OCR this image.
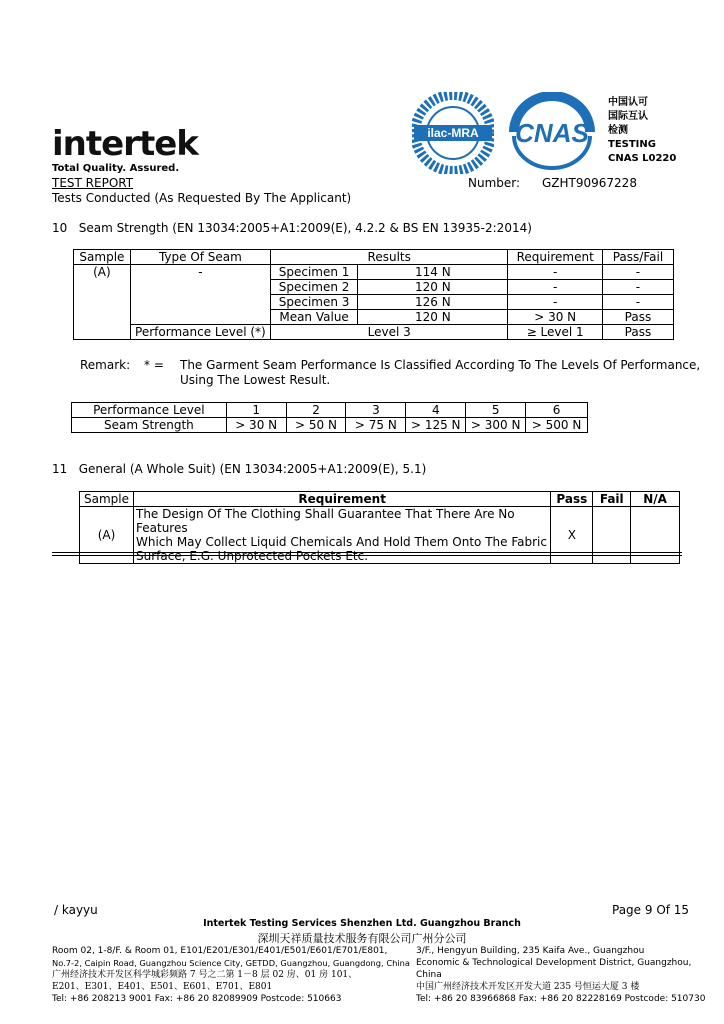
intertek
Total Quality. Assured.
ilac-MRA CNAS
中国认可
国际互认
检测
TESTING
CNAS L0220
TEST REPORT	Number: GZHT90967228
Tests Conducted (As Requested By The Applicant)
10   Seam Strength (EN 13034:2005+A1:2009(E), 4.2.2 & BS EN 13935-2:2014)
Sample	Type Of Seam	Results		Requirement	Pass/Fail
(A)	-	Specimen 1	114 N	-	-
		Specimen 2	120 N	-	-
		Specimen 3	126 N	-	-
		Mean Value	120 N	> 30 N	Pass
	Performance Level (*)	Level 3		≥ Level 1	Pass
Remark: * = The Garment Seam Performance Is Classified According To The Levels Of Performance,
Using The Lowest Result.
Performance Level	1	2	3	4	5	6
Seam Strength	> 30 N	> 50 N	> 75 N	> 125 N	> 300 N	> 500 N
11   General (A Whole Suit) (EN 13034:2005+A1:2009(E), 5.1)
Sample	Requirement	Pass	Fail	N/A
(A)	The Design Of The Clothing Shall Guarantee That There Are No Features
Which May Collect Liquid Chemicals And Hold Them Onto The Fabric
Surface, E.G. Unprotected Pockets Etc.	X		
/ kayyu	Page 9 Of 15
Intertek Testing Services Shenzhen Ltd. Guangzhou Branch
深圳天祥质量技术服务有限公司广州分公司
Room 02, 1-8/F. & Room 01, E101/E201/E301/E401/E501/E601/E701/E801,
No.7-2, Caipin Road, Guangzhou Science City, GETDD, Guangzhou, Guangdong, China
广州经济技术开发区科学城彩频路 7 号之二第 1－8 层 02 房、01 房 101、
E201、E301、E401、E501、E601、E701、E801
Tel: +86 208213 9001 Fax: +86 20 82089909 Postcode: 510663
3/F., Hengyun Building, 235 Kaifa Ave., Guangzhou
Economic & Technological Development District, Guangzhou,
China
中国广州经济技术开发区开发大道 235 号恒运大厦 3 楼
Tel: +86 20 83966868 Fax: +86 20 82228169 Postcode: 510730
